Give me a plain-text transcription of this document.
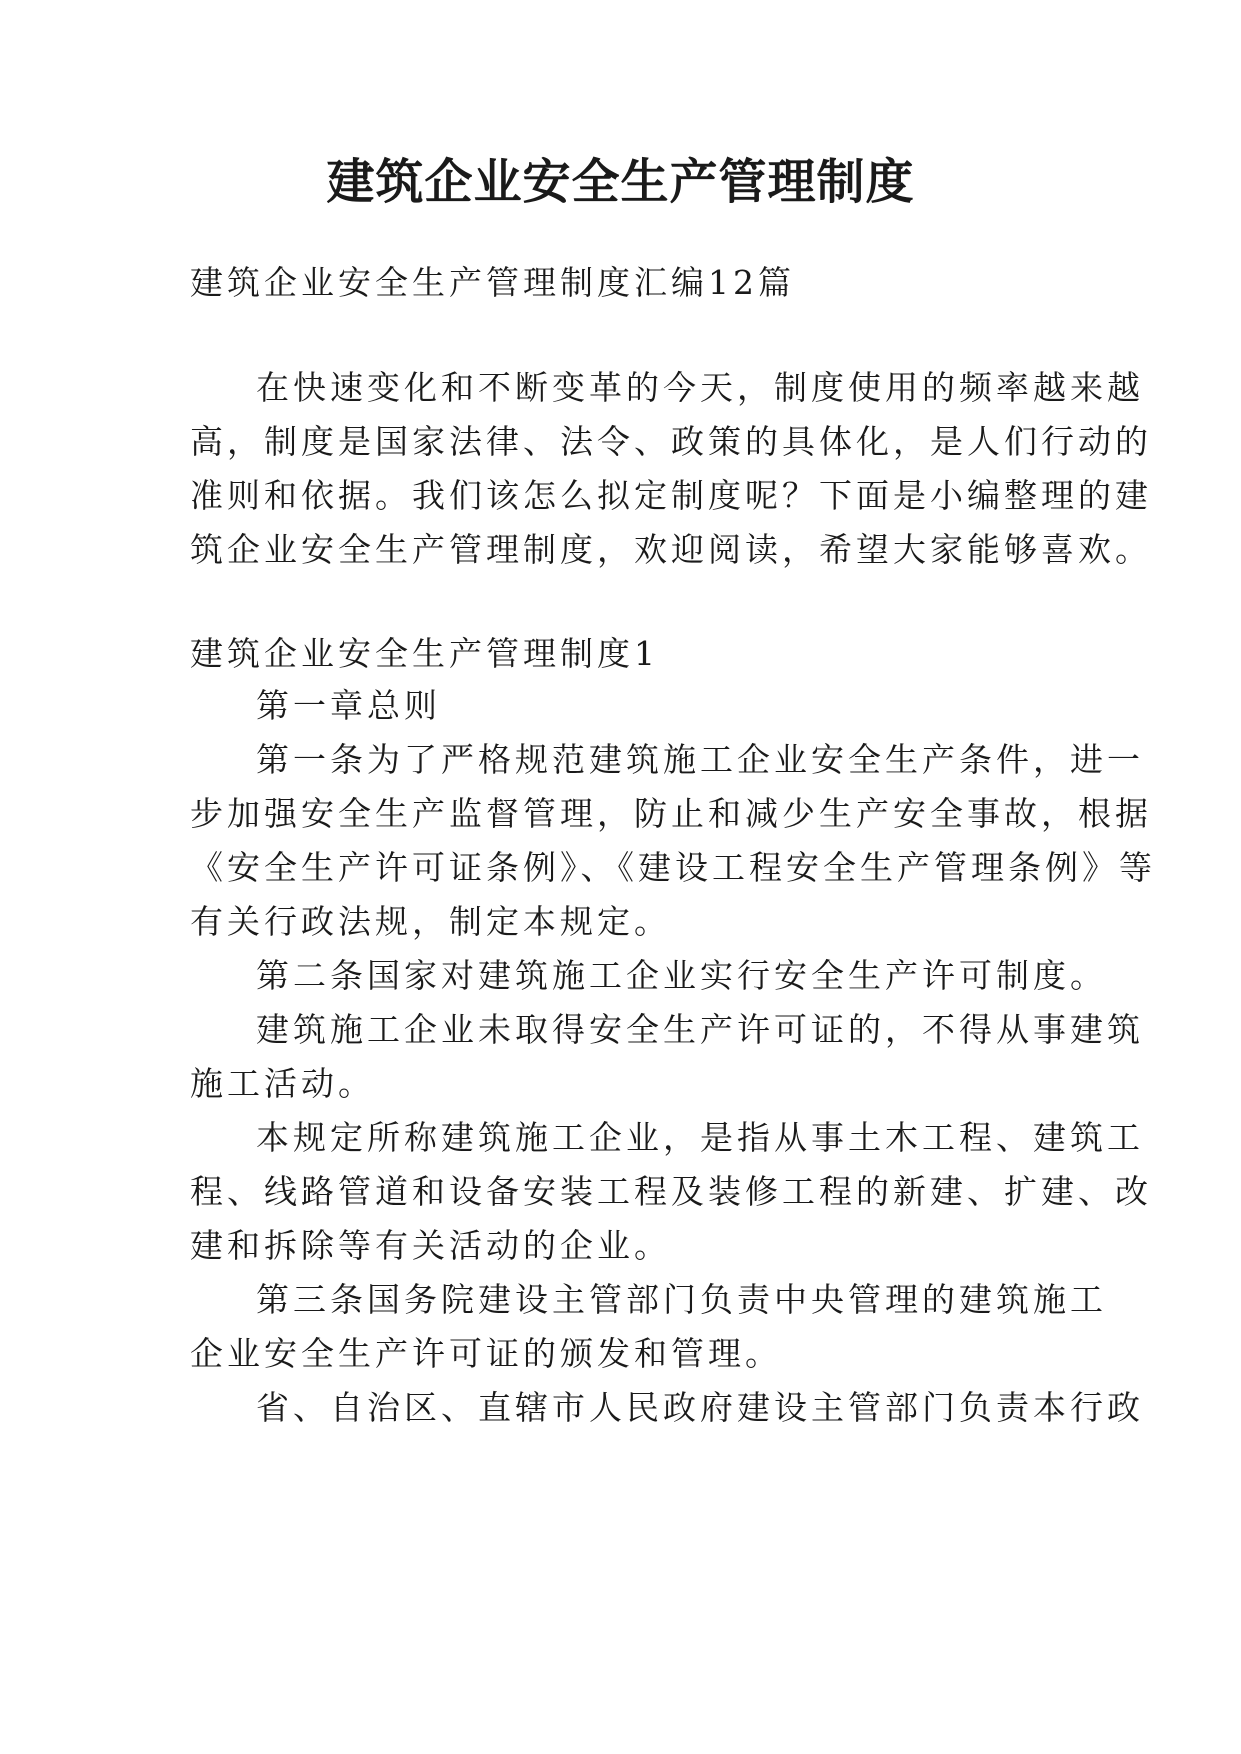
建筑企业安全生产管理制度
建筑企业安全生产管理制度汇编12篇
在快速变化和不断变革的今天，制度使用的频率越来越
高，制度是国家法律、法令、政策的具体化，是人们行动的
准则和依据。我们该怎么拟定制度呢？下面是小编整理的建
筑企业安全生产管理制度，欢迎阅读，希望大家能够喜欢。
建筑企业安全生产管理制度1
第一章总则
第一条为了严格规范建筑施工企业安全生产条件，进一
步加强安全生产监督管理，防止和减少生产安全事故，根据
《安全生产许可证条例》、《建设工程安全生产管理条例》等
有关行政法规，制定本规定。
第二条国家对建筑施工企业实行安全生产许可制度。
建筑施工企业未取得安全生产许可证的，不得从事建筑
施工活动。
本规定所称建筑施工企业，是指从事土木工程、建筑工
程、线路管道和设备安装工程及装修工程的新建、扩建、改
建和拆除等有关活动的企业。
第三条国务院建设主管部门负责中央管理的建筑施工
企业安全生产许可证的颁发和管理。
省、自治区、直辖市人民政府建设主管部门负责本行政
